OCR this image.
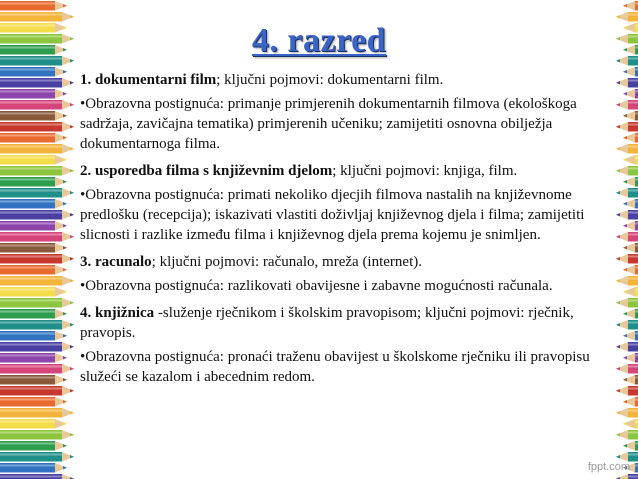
4. razred

1. dokumentarni film; ključni pojmovi: dokumentarni film.

•Obrazovna postignuća: primanje primjerenih dokumentarnih filmova (ekološkoga sadržaja, zavičajna tematika) primjerenih učeniku; zamijetiti osnovna obilježja dokumentarnoga filma.

2. usporedba filma s književnim djelom; ključni pojmovi: knjiga, film.

•Obrazovna postignuća: primati nekoliko djecjih filmova nastalih na književnome predlošku (recepcija); iskazivati vlastiti doživljaj književnog djela i filma; zamijetiti slicnosti i razlike između filma i književnog djela prema kojemu je snimljen.

3. racunalo; ključni pojmovi: računalo, mreža (internet).

•Obrazovna postignuća: razlikovati obavijesne i zabavne mogućnosti računala.

4. knjižnica -služenje rječnikom i školskim pravopisom; ključni pojmovi: rječnik, pravopis.

•Obrazovna postignuća: pronaći traženu obavijest u školskome rječniku ili pravopisu služeći se kazalom i abecednim redom.

fppt.com
